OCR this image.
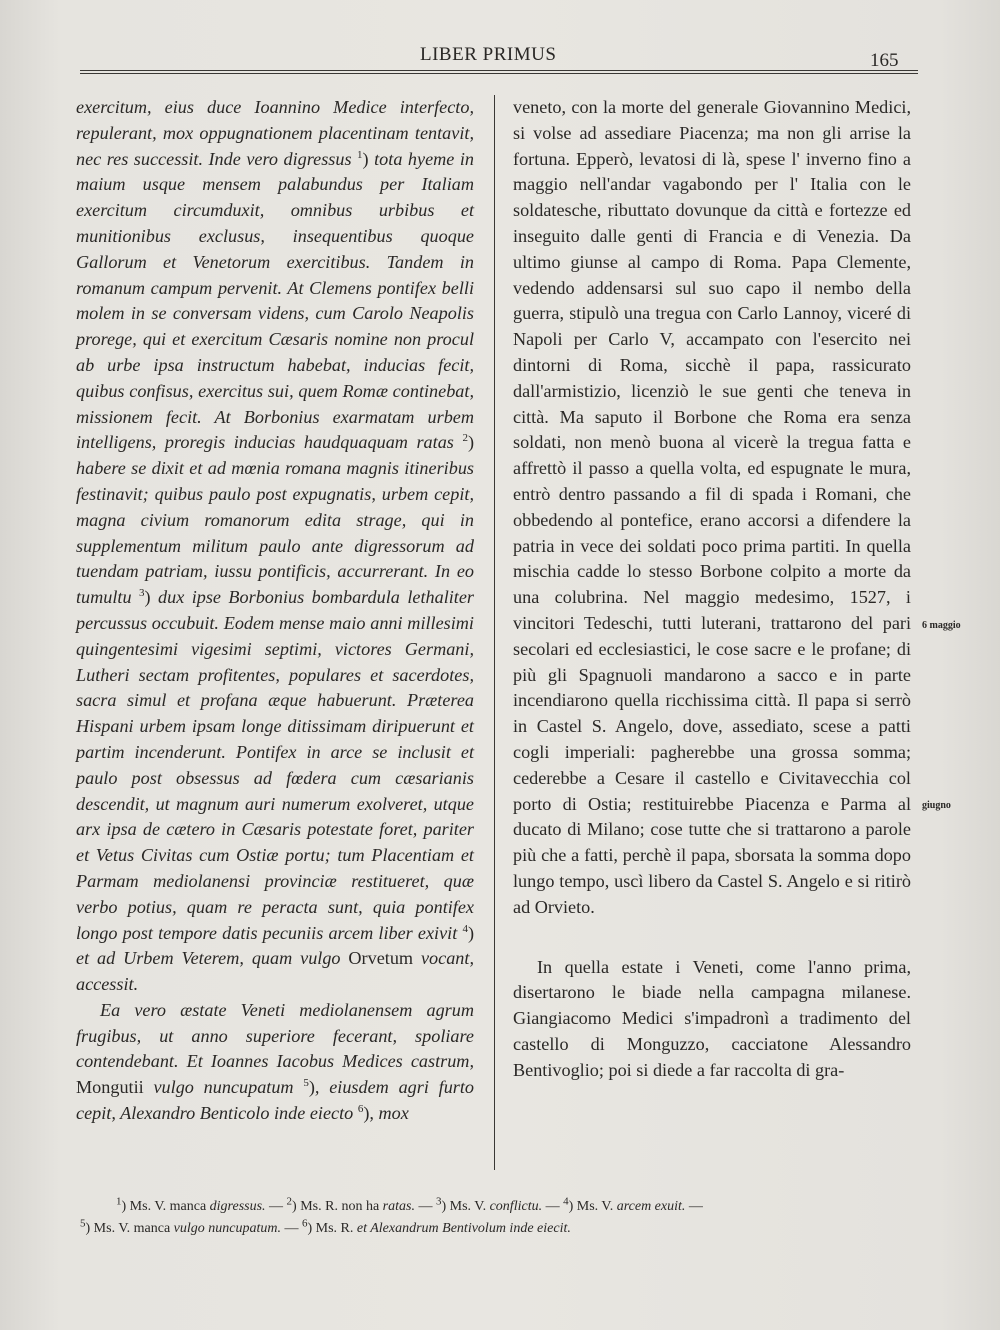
LIBER PRIMUS	165

exercitum, eius duce Ioannino Medice interfecto, repulerant, mox oppugnationem placentinam tentavit, nec res successit. Inde vero digressus $^1$) tota hyeme in maium usque mensem palabundus per Italiam exercitum circumduxit, omnibus urbibus et munitionibus exclusus, insequentibus quoque Gallorum et Venetorum exercitibus. Tandem in romanum campum pervenit. At Clemens pontifex belli molem in se conversam videns, cum Carolo Neapolis prorege, qui et exercitum Cæsaris nomine non procul ab urbe ipsa instructum habebat, inducias fecit, quibus confisus, exercitus sui, quem Romæ continebat, missionem fecit. At Borbonius exarmatam urbem intelligens, proregis inducias haudquaquam ratas $^2$) habere se dixit et ad mœnia romana magnis itineribus festinavit; quibus paulo post expugnatis, urbem cepit, magna civium romanorum edita strage, qui in supplementum militum paulo ante digressorum ad tuendam patriam, iussu pontificis, accurrerant. In eo tumultu $^3$) dux ipse Borbonius bombardula lethaliter percussus occubuit. Eodem mense maio anni millesimi quingentesimi vigesimi septimi, victores Germani, Lutheri sectam profitentes, populares et sacerdotes, sacra simul et profana æque habuerunt. Præterea Hispani urbem ipsam longe ditissimam diripuerunt et partim incenderunt. Pontifex in arce se inclusit et paulo post obsessus ad fœdera cum cæsarianis descendit, ut magnum auri numerum exolveret, utque arx ipsa de cætero in Cæsaris potestate foret, pariter et Vetus Civitas cum Ostiæ portu; tum Placentiam et Parmam mediolanensi provinciæ restitueret, quæ verbo potius, quam re peracta sunt, quia pontifex longo post tempore datis pecuniis arcem liber exivit $^4$) et ad Urbem Veterem, quam vulgo Orvetum vocant, accessit.

Ea vero æstate Veneti mediolanensem agrum frugibus, ut anno superiore fecerant, spoliare contendebant. Et Ioannes Iacobus Medices castrum, Mongutii vulgo nuncupatum $^5$), eiusdem agri furto cepit, Alexandro Benticolo inde eiecto $^6$), mox

veneto, con la morte del generale Giovannino Medici, si volse ad assediare Piacenza; ma non gli arrise la fortuna. Epperò, levatosi di là, spese l' inverno fino a maggio nell'andar vagabondo per l' Italia con le soldatesche, ributtato dovunque da città e fortezze ed inseguito dalle genti di Francia e di Venezia. Da ultimo giunse al campo di Roma. Papa Clemente, vedendo addensarsi sul suo capo il nembo della guerra, stipulò una tregua con Carlo Lannoy, viceré di Napoli per Carlo V, accampato con l'esercito nei dintorni di Roma, sicchè il papa, rassicurato dall'armistizio, licenziò le sue genti che teneva in città. Ma saputo il Borbone che Roma era senza soldati, non menò buona al vicerè la tregua fatta e affrettò il passo a quella volta, ed espugnate le mura, entrò dentro passando a fil di spada i Romani, che obbedendo al pontefice, erano accorsi a difendere la patria in vece dei soldati poco prima partiti. In quella mischia cadde lo stesso Borbone colpito a morte da una colubrina. Nel maggio medesimo, 1527, i vincitori Tedeschi, tutti luterani, trattarono del pari secolari ed ecclesiastici, le cose sacre e le profane; di più gli Spagnuoli mandarono a sacco e in parte incendiarono quella ricchissima città. Il papa si serrò in Castel S. Angelo, dove, assediato, scese a patti cogli imperiali: pagherebbe una grossa somma; cederebbe a Cesare il castello e Civitavecchia col porto di Ostia; restituirebbe Piacenza e Parma al ducato di Milano; cose tutte che si trattarono a parole più che a fatti, perchè il papa, sborsata la somma dopo lungo tempo, uscì libero da Castel S. Angelo e si ritirò ad Orvieto.

In quella estate i Veneti, come l'anno prima, disertarono le biade nella campagna milanese. Giangiacomo Medici s'impadronì a tradimento del castello di Monguzzo, cacciatone Alessandro Bentivoglio; poi si diede a far raccolta di gra-

6 maggio
giugno
$^1$) Ms. V. manca digressus. — $^2$) Ms. R. non ha ratas. — $^3$) Ms. V. conflictu. — $^4$) Ms. V. arcem exuit. —
$^5$) Ms. V. manca vulgo nuncupatum. — $^6$) Ms. R. et Alexandrum Bentivolum inde eiecit.
